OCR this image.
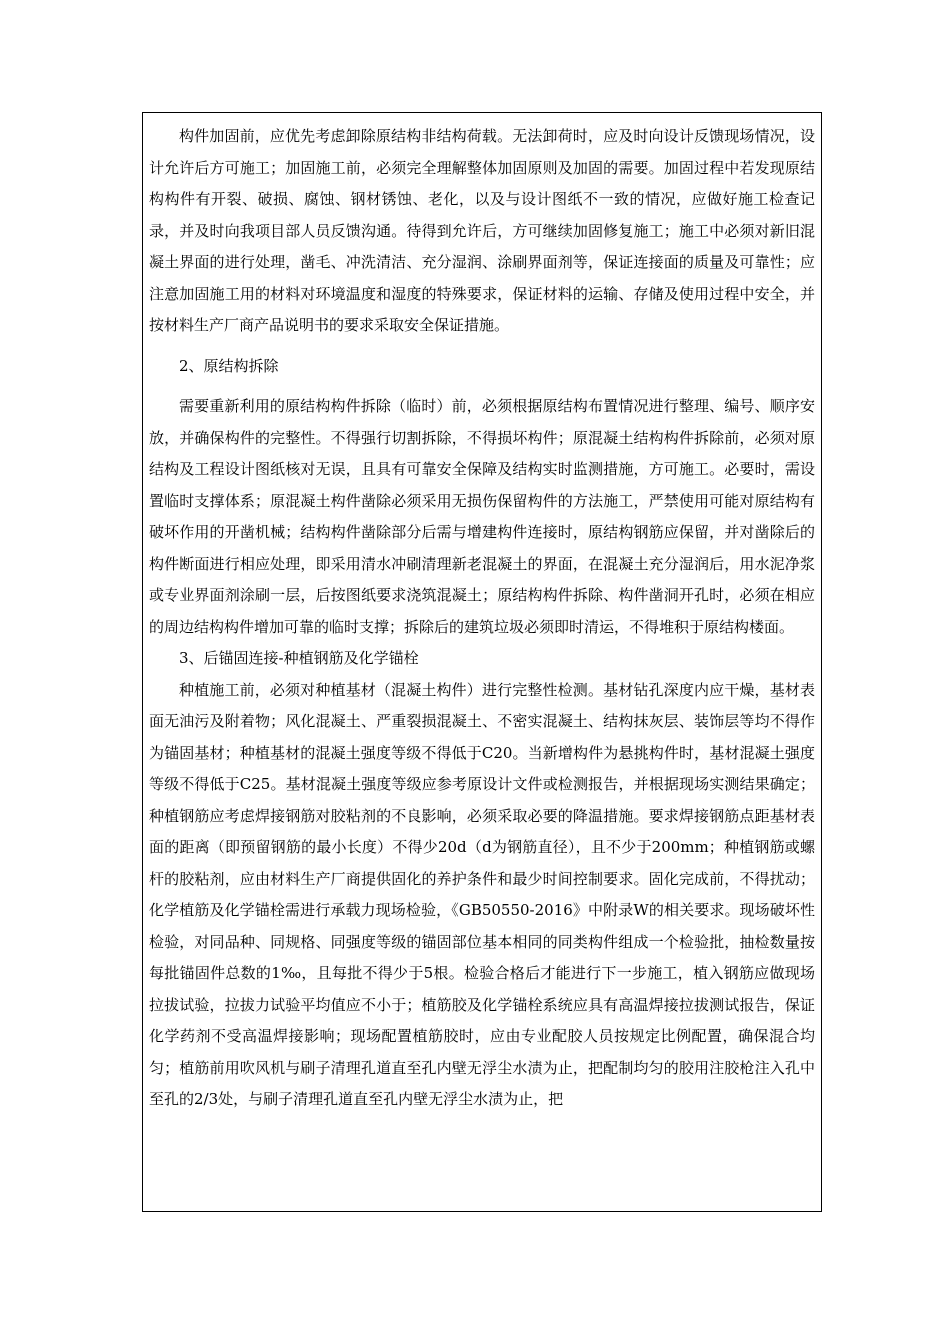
构件加固前，应优先考虑卸除原结构非结构荷载。无法卸荷时，应及时向设计反馈现场情况，设计允许后方可施工；加固施工前，必须完全理解整体加固原则及加固的需要。加固过程中若发现原结构构件有开裂、破损、腐蚀、钢材锈蚀、老化，以及与设计图纸不一致的情况，应做好施工检查记录，并及时向我项目部人员反馈沟通。待得到允许后，方可继续加固修复施工；施工中必须对新旧混凝土界面的进行处理，凿毛、冲洗清洁、充分湿润、涂刷界面剂等，保证连接面的质量及可靠性；应注意加固施工用的材料对环境温度和湿度的特殊要求，保证材料的运输、存储及使用过程中安全，并按材料生产厂商产品说明书的要求采取安全保证措施。

2、原结构拆除

需要重新利用的原结构构件拆除（临时）前，必须根据原结构布置情况进行整理、编号、顺序安放，并确保构件的完整性。不得强行切割拆除，不得损坏构件；原混凝土结构构件拆除前，必须对原结构及工程设计图纸核对无误，且具有可靠安全保障及结构实时监测措施，方可施工。必要时，需设置临时支撑体系；原混凝土构件凿除必须采用无损伤保留构件的方法施工，严禁使用可能对原结构有破坏作用的开凿机械；结构构件凿除部分后需与增建构件连接时，原结构钢筋应保留，并对凿除后的构件断面进行相应处理，即采用清水冲刷清理新老混凝土的界面，在混凝土充分湿润后，用水泥净浆或专业界面剂涂刷一层，后按图纸要求浇筑混凝土；原结构构件拆除、构件凿洞开孔时，必须在相应的周边结构构件增加可靠的临时支撑；拆除后的建筑垃圾必须即时清运，不得堆积于原结构楼面。

3、后锚固连接-种植钢筋及化学锚栓

种植施工前，必须对种植基材（混凝土构件）进行完整性检测。基材钻孔深度内应干燥，基材表面无油污及附着物；风化混凝土、严重裂损混凝土、不密实混凝土、结构抹灰层、装饰层等均不得作为锚固基材；种植基材的混凝土强度等级不得低于C20。当新增构件为悬挑构件时，基材混凝土强度等级不得低于C25。基材混凝土强度等级应参考原设计文件或检测报告，并根据现场实测结果确定；种植钢筋应考虑焊接钢筋对胶粘剂的不良影响，必须采取必要的降温措施。要求焊接钢筋点距基材表面的距离（即预留钢筋的最小长度）不得少20d（d为钢筋直径），且不少于200mm；种植钢筋或螺杆的胶粘剂，应由材料生产厂商提供固化的养护条件和最少时间控制要求。固化完成前，不得扰动；化学植筋及化学锚栓需进行承载力现场检验，《GB50550-2016》中附录W的相关要求。现场破坏性检验，对同品种、同规格、同强度等级的锚固部位基本相同的同类构件组成一个检验批，抽检数量按每批锚固件总数的1‰，且每批不得少于5根。检验合格后才能进行下一步施工，植入钢筋应做现场拉拔试验，拉拔力试验平均值应不小于；植筋胶及化学锚栓系统应具有高温焊接拉拔测试报告，保证化学药剂不受高温焊接影响；现场配置植筋胶时，应由专业配胶人员按规定比例配置，确保混合均匀；植筋前用吹风机与刷子清理孔道直至孔内壁无浮尘水渍为止，把配制均匀的胶用注胶枪注入孔中至孔的2/3处，与刷子清理孔道直至孔内壁无浮尘水渍为止，把
